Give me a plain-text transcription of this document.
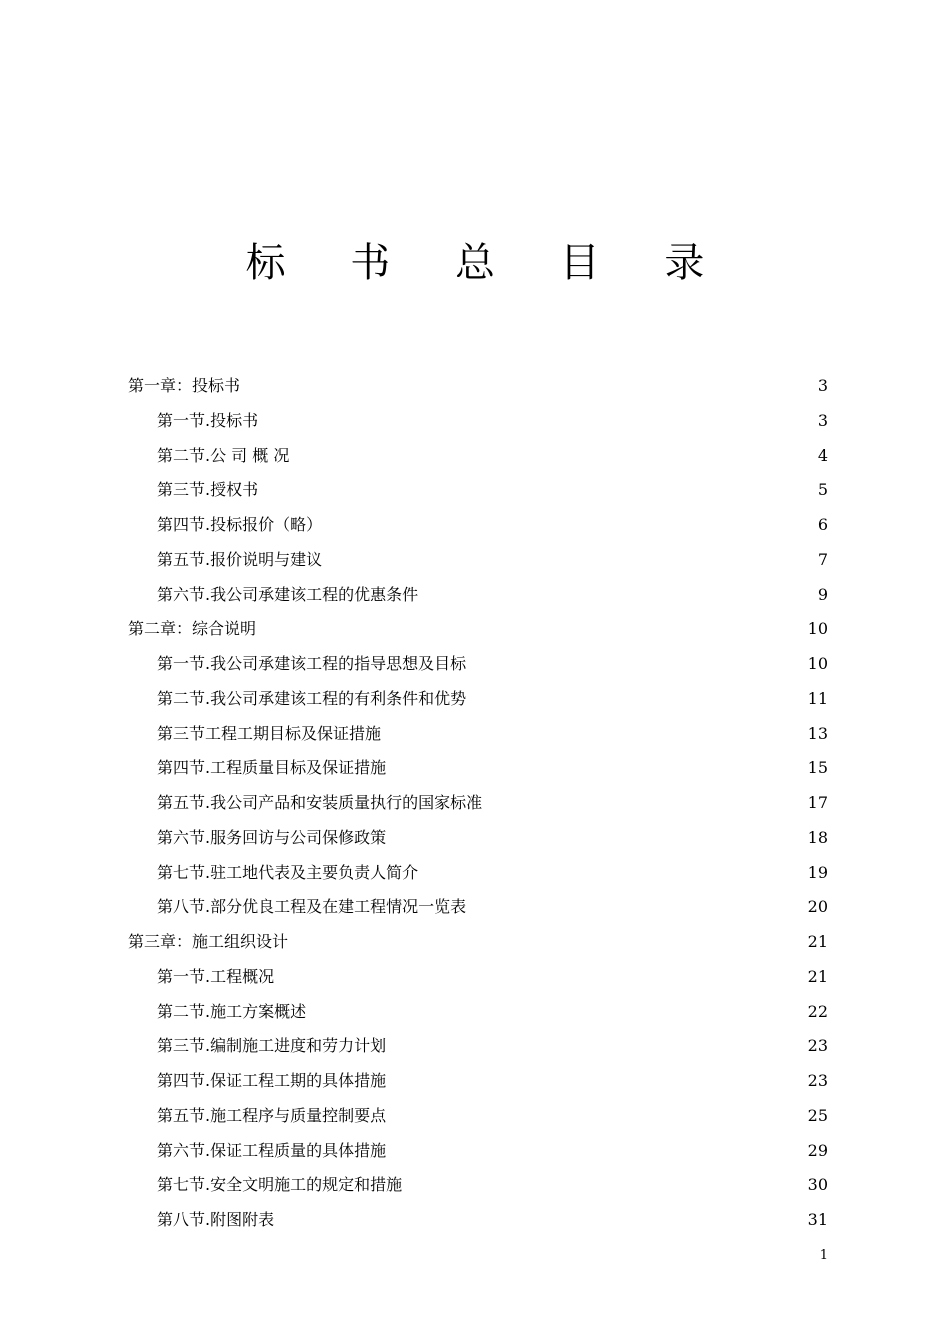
标 书 总 目 录
第一章：投标书	3
第一节.投标书	3
第二节.公 司 概 况	4
第三节.授权书	5
第四节.投标报价（略）	6
第五节.报价说明与建议	7
第六节.我公司承建该工程的优惠条件	9
第二章：综合说明	10
第一节.我公司承建该工程的指导思想及目标	10
第二节.我公司承建该工程的有利条件和优势	11
第三节工程工期目标及保证措施	13
第四节.工程质量目标及保证措施	15
第五节.我公司产品和安装质量执行的国家标准	17
第六节.服务回访与公司保修政策	18
第七节.驻工地代表及主要负责人简介	19
第八节.部分优良工程及在建工程情况一览表	20
第三章：施工组织设计	21
第一节.工程概况	21
第二节.施工方案概述	22
第三节.编制施工进度和劳力计划	23
第四节.保证工程工期的具体措施	23
第五节.施工程序与质量控制要点	25
第六节.保证工程质量的具体措施	29
第七节.安全文明施工的规定和措施	30
第八节.附图附表	31
1
